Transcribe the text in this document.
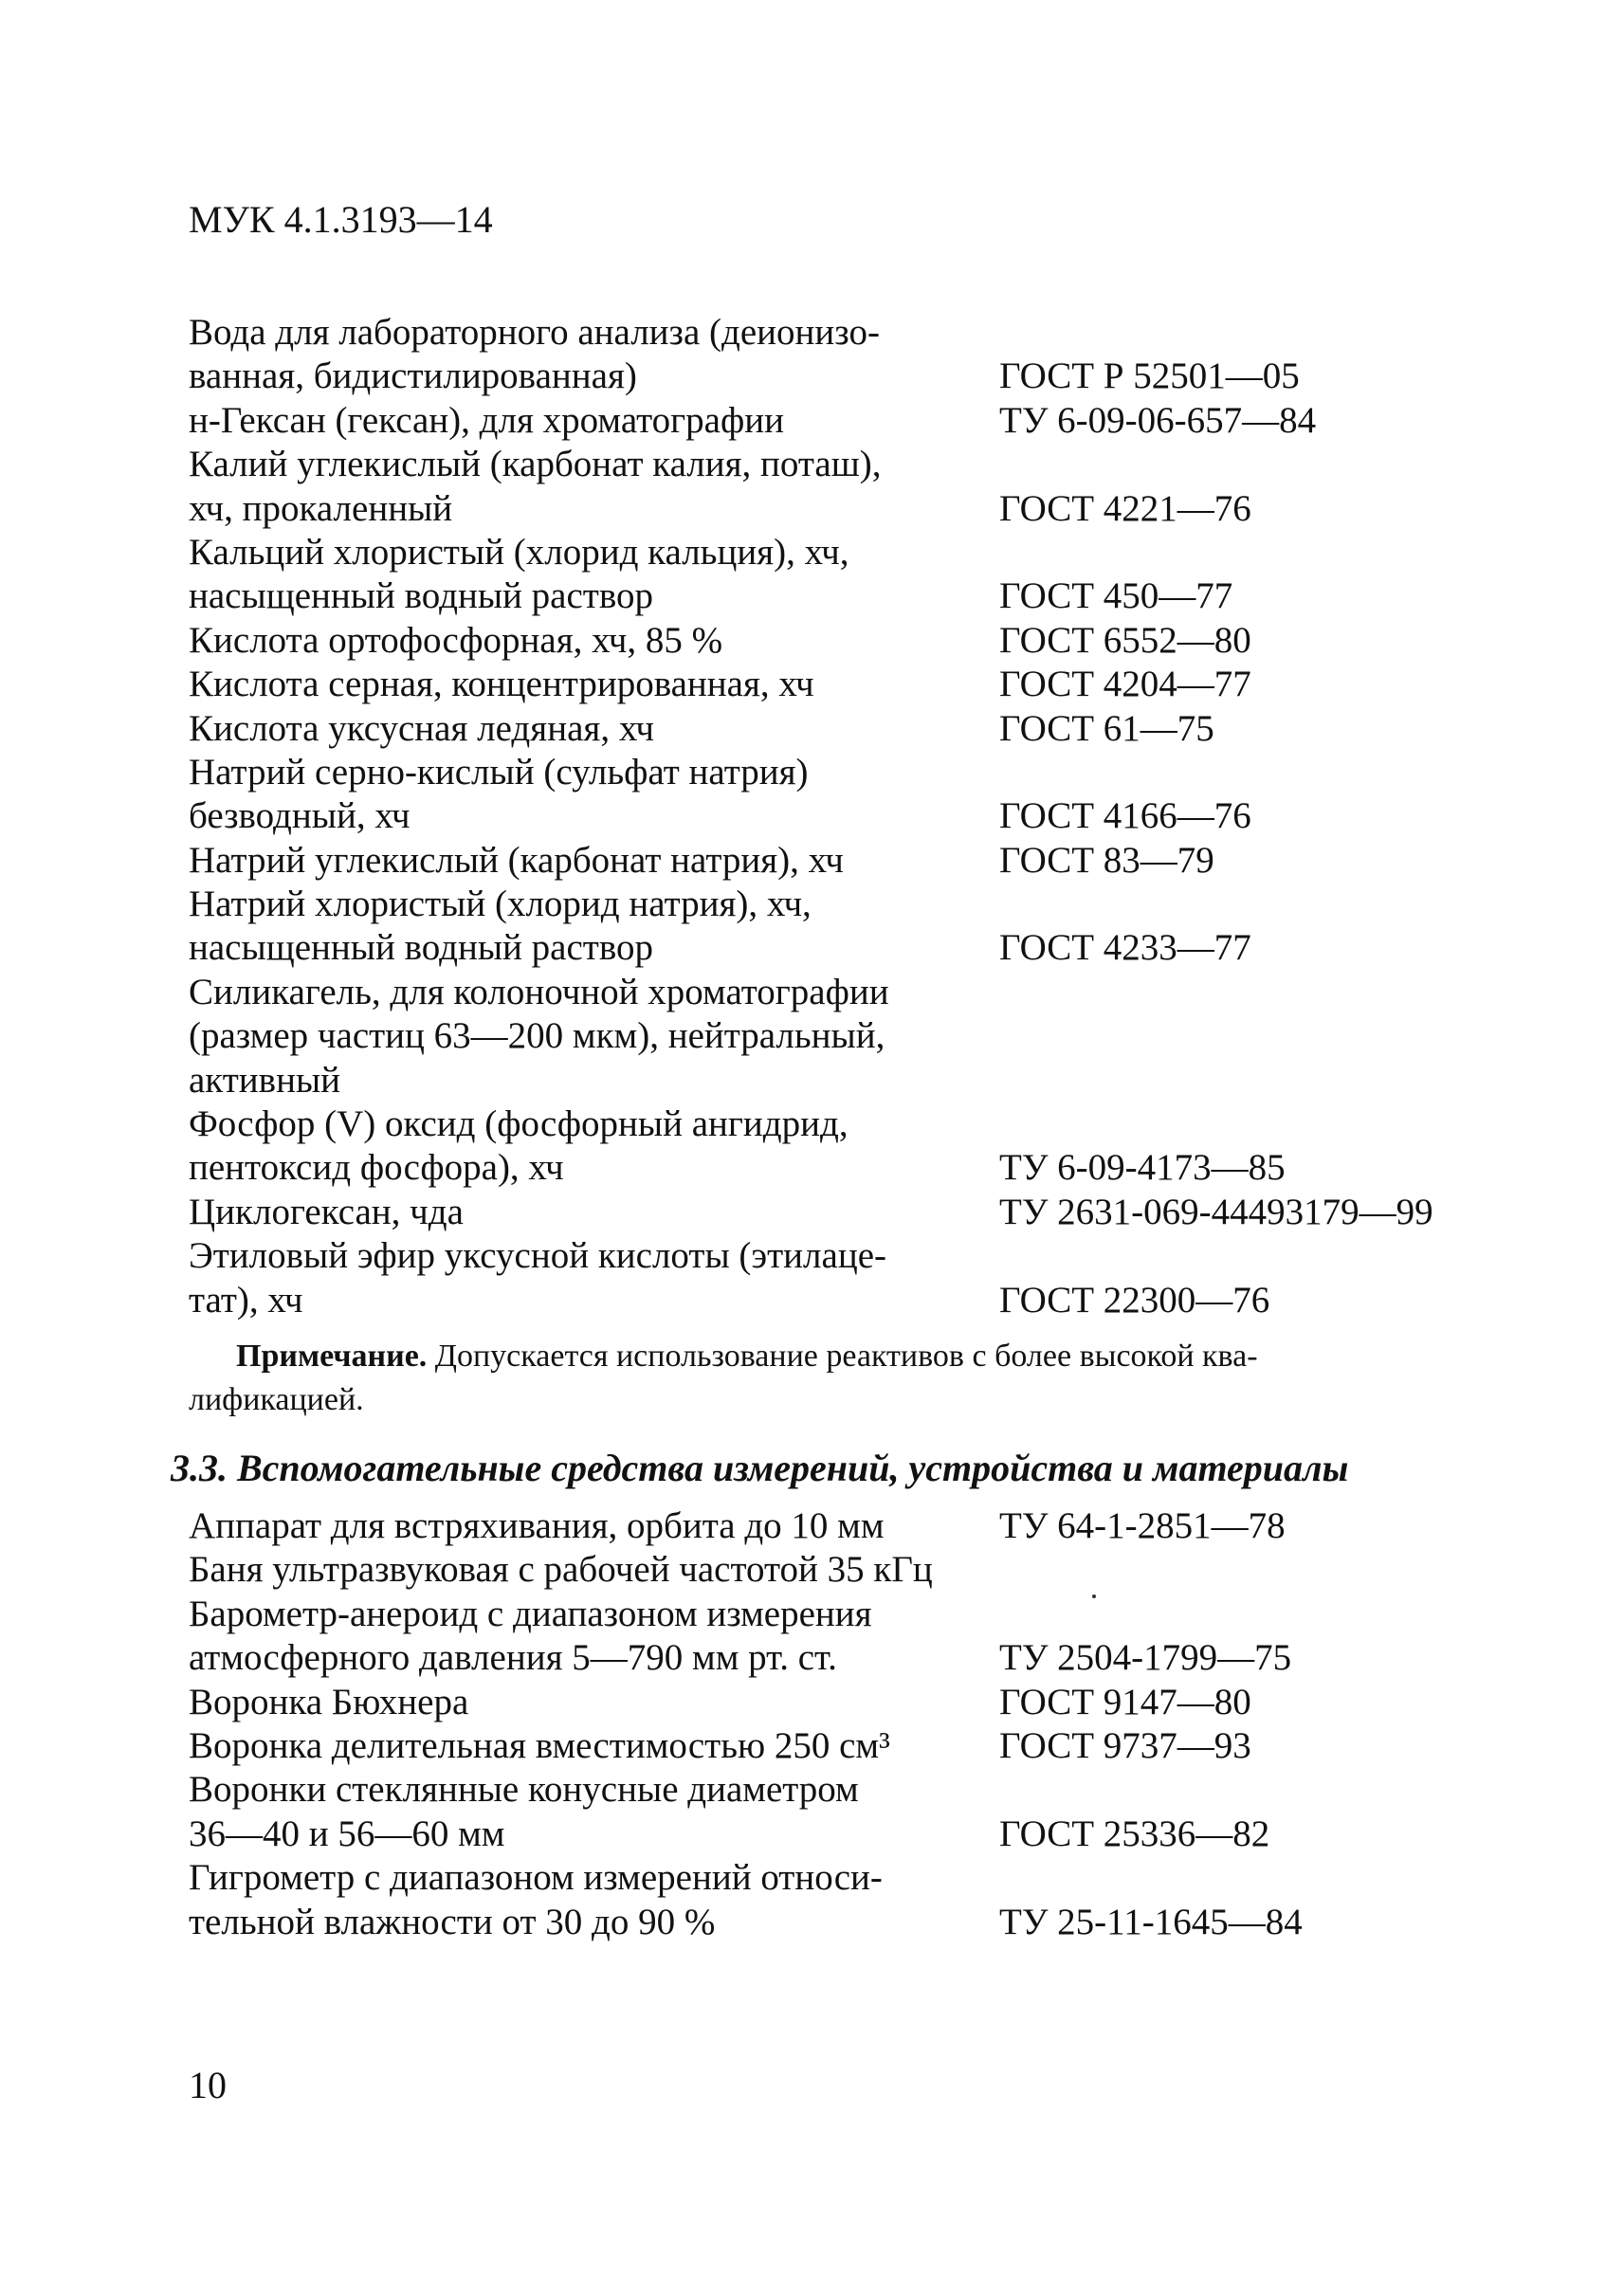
МУК 4.1.3193—14
Вода для лабораторного анализа (деионизо-
ванная, бидистилированная)	ГОСТ Р 52501—05
н-Гексан (гексан), для хроматографии	ТУ 6-09-06-657—84
Калий углекислый (карбонат калия, поташ),
хч, прокаленный	ГОСТ 4221—76
Кальций хлористый (хлорид кальция), хч,
насыщенный водный раствор	ГОСТ 450—77
Кислота ортофосфорная, хч, 85 %	ГОСТ 6552—80
Кислота серная, концентрированная, хч	ГОСТ 4204—77
Кислота уксусная ледяная, хч	ГОСТ 61—75
Натрий серно-кислый (сульфат натрия)
безводный, хч	ГОСТ 4166—76
Натрий углекислый (карбонат натрия), хч	ГОСТ 83—79
Натрий хлористый (хлорид натрия), хч,
насыщенный водный раствор	ГОСТ 4233—77
Силикагель, для колоночной хроматографии
(размер частиц 63—200 мкм), нейтральный,
активный
Фосфор (V) оксид (фосфорный ангидрид,
пентоксид фосфора), хч	ТУ 6-09-4173—85
Циклогексан, чда	ТУ 2631-069-44493179—99
Этиловый эфир уксусной кислоты (этилаце-
тат), хч	ГОСТ 22300—76
Примечание. Допускается использование реактивов с более высокой ква-
лификацией.
3.3. Вспомогательные средства измерений, устройства и материалы
Аппарат для встряхивания, орбита до 10 мм	ТУ 64-1-2851—78
Баня ультразвуковая с рабочей частотой 35 кГц
Барометр-анероид с диапазоном измерения
атмосферного давления 5—790 мм рт. ст.	ТУ 2504-1799—75
Воронка Бюхнера	ГОСТ 9147—80
Воронка делительная вместимостью 250 см³	ГОСТ 9737—93
Воронки стеклянные конусные диаметром
36—40 и 56—60 мм	ГОСТ 25336—82
Гигрометр с диапазоном измерений относи-
тельной влажности от 30 до 90 %	ТУ 25-11-1645—84
10
